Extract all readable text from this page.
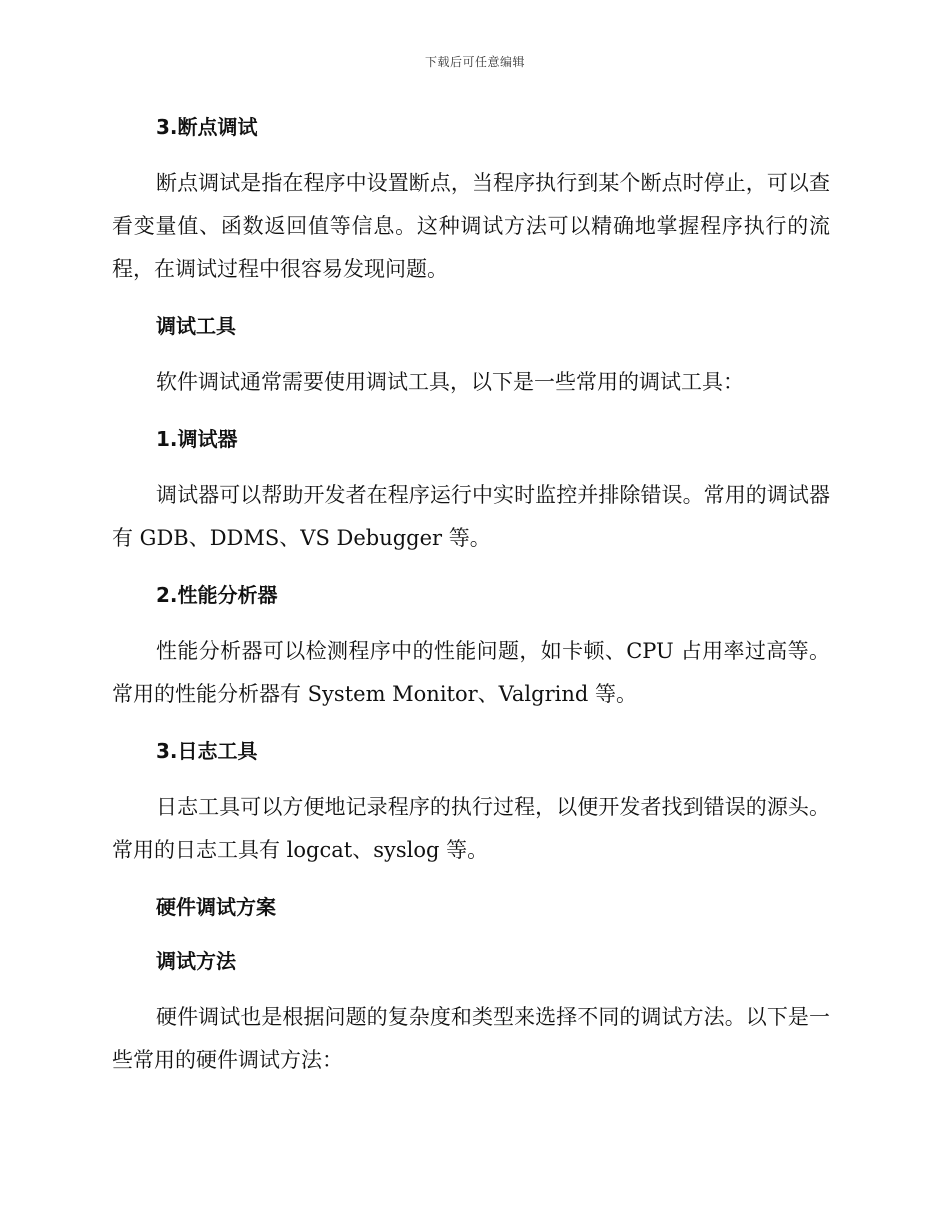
下载后可任意编辑
3.断点调试

断点调试是指在程序中设置断点，当程序执行到某个断点时停止，可以查看变量值、函数返回值等信息。这种调试方法可以精确地掌握程序执行的流程，在调试过程中很容易发现问题。

调试工具

软件调试通常需要使用调试工具，以下是一些常用的调试工具：

1.调试器

调试器可以帮助开发者在程序运行中实时监控并排除错误。常用的调试器有 GDB、DDMS、VS Debugger 等。

2.性能分析器

性能分析器可以检测程序中的性能问题，如卡顿、CPU 占用率过高等。常用的性能分析器有 System Monitor、Valgrind 等。

3.日志工具

日志工具可以方便地记录程序的执行过程，以便开发者找到错误的源头。常用的日志工具有 logcat、syslog 等。

硬件调试方案
调试方法

硬件调试也是根据问题的复杂度和类型来选择不同的调试方法。以下是一些常用的硬件调试方法：
